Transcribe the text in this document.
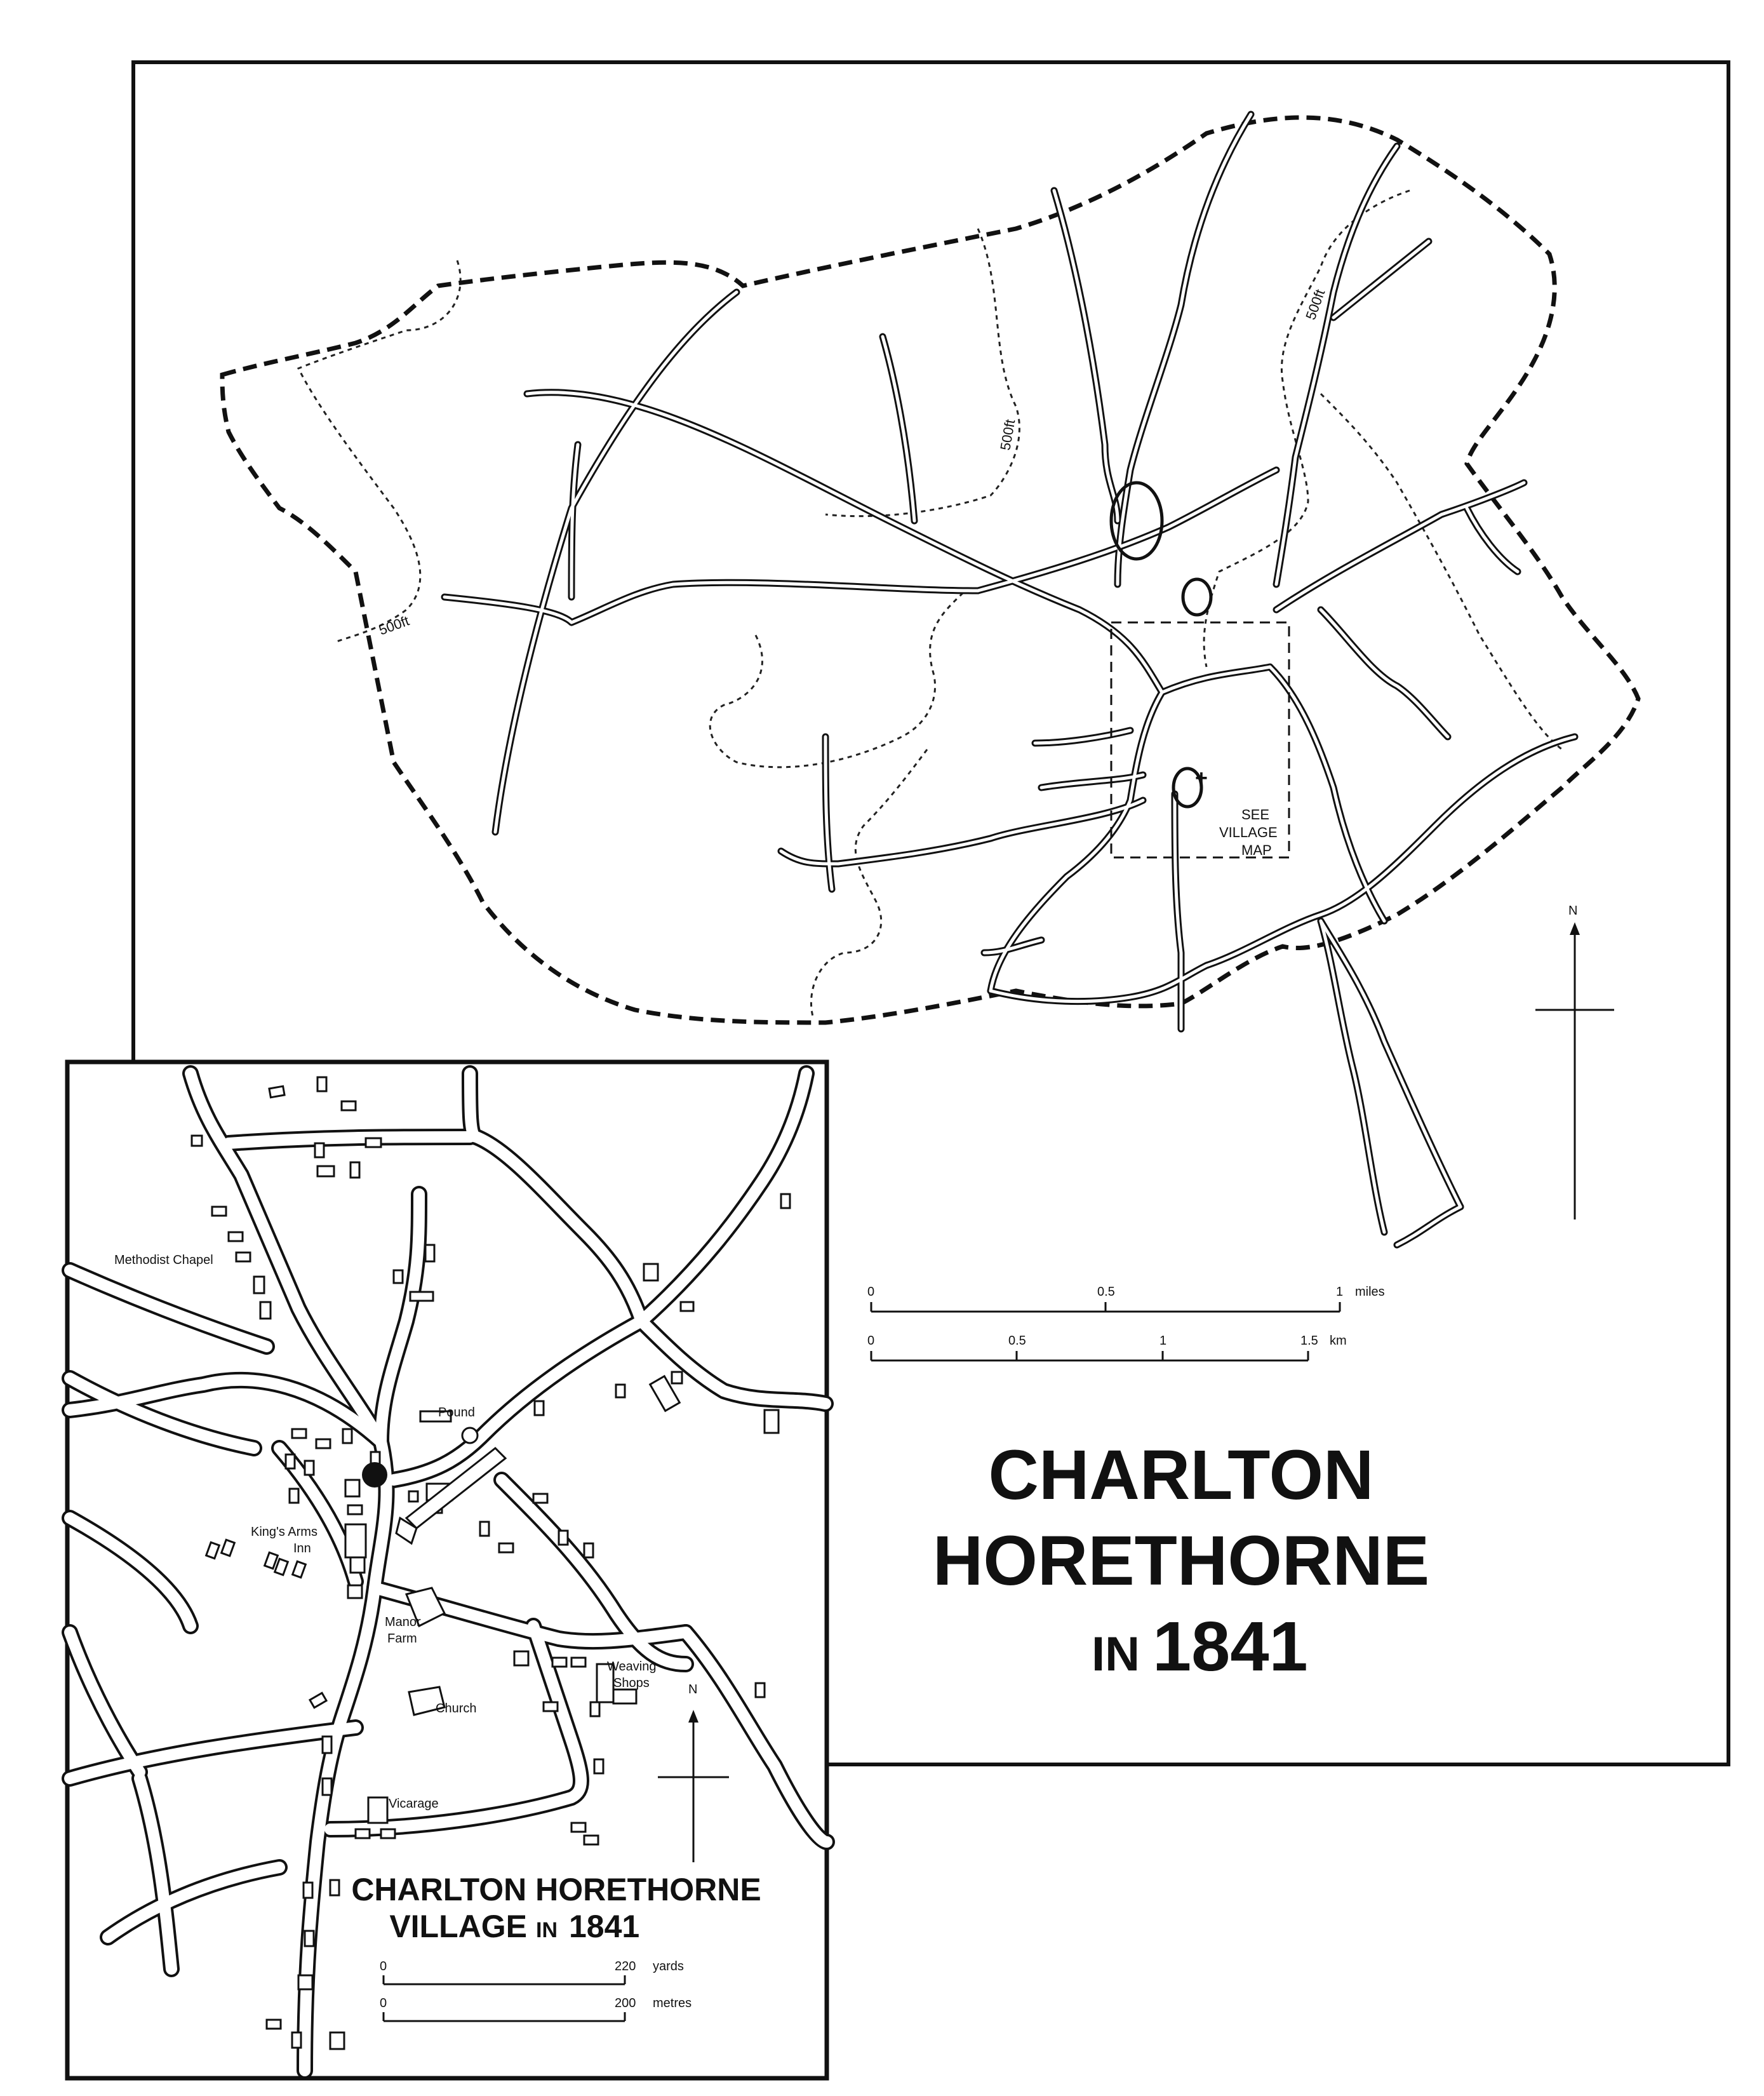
+
500ft
500ft
500ft
SEE
VILLAGE
MAP
N
0	0.5	1 miles
0	0.5	1	1.5 km
CHARLTON
HORETHORNE
IN 1841
Methodist Chapel
Pound
King's Arms
Inn
Manor
Farm
Church
Weaving
Shops
Vicarage
N
CHARLTON HORETHORNE
VILLAGE IN 1841
0	220 yards
0	200 metres
